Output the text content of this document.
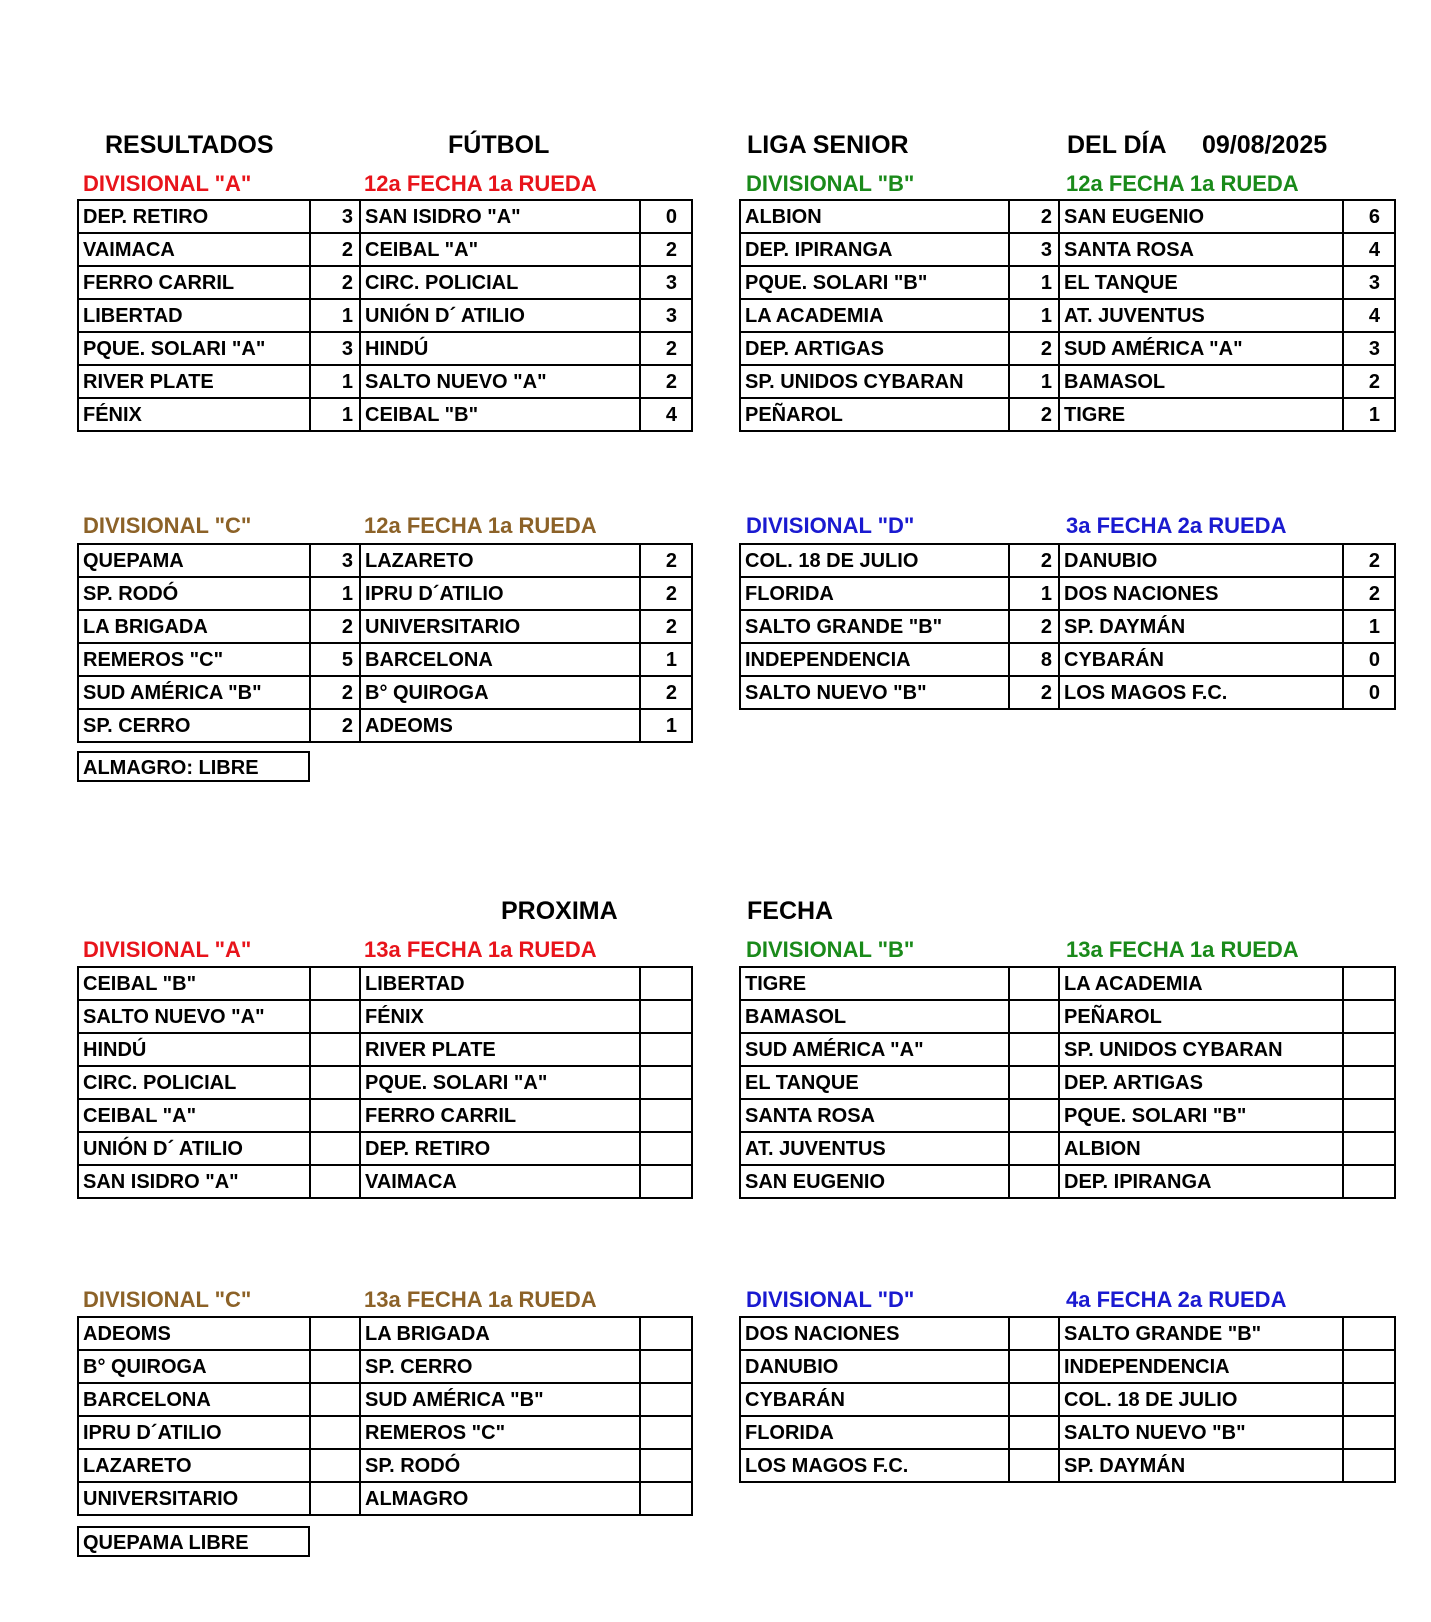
RESULTADOS	FÚTBOL	LIGA SENIOR	DEL DÍA 09/08/2025
DIVISIONAL "A"	12a FECHA 1a RUEDA	DIVISIONAL "B"	12a FECHA 1a RUEDA
DEP. RETIRO	3	SAN ISIDRO "A"	0
VAIMACA	2	CEIBAL "A"	2
FERRO CARRIL	2	CIRC. POLICIAL	3
LIBERTAD	1	UNIÓN D´ ATILIO	3
PQUE. SOLARI "A"	3	HINDÚ	2
RIVER PLATE	1	SALTO NUEVO "A"	2
FÉNIX	1	CEIBAL "B"	4
ALBION	2	SAN EUGENIO	6
DEP. IPIRANGA	3	SANTA ROSA	4
PQUE. SOLARI "B"	1	EL TANQUE	3
LA ACADEMIA	1	AT. JUVENTUS	4
DEP. ARTIGAS	2	SUD AMÉRICA "A"	3
SP. UNIDOS CYBARAN	1	BAMASOL	2
PEÑAROL	2	TIGRE	1
DIVISIONAL "C"	12a FECHA 1a RUEDA	DIVISIONAL "D"	3a FECHA 2a RUEDA
QUEPAMA	3	LAZARETO	2
SP. RODÓ	1	IPRU D´ATILIO	2
LA BRIGADA	2	UNIVERSITARIO	2
REMEROS "C"	5	BARCELONA	1
SUD AMÉRICA "B"	2	B° QUIROGA	2
SP. CERRO	2	ADEOMS	1
ALMAGRO: LIBRE
COL. 18 DE JULIO	2	DANUBIO	2
FLORIDA	1	DOS NACIONES	2
SALTO GRANDE "B"	2	SP. DAYMÁN	1
INDEPENDENCIA	8	CYBARÁN	0
SALTO NUEVO "B"	2	LOS MAGOS F.C.	0
PROXIMA	FECHA
DIVISIONAL "A"	13a FECHA 1a RUEDA	DIVISIONAL "B"	13a FECHA 1a RUEDA
CEIBAL "B"		LIBERTAD	
SALTO NUEVO "A"		FÉNIX	
HINDÚ		RIVER PLATE	
CIRC. POLICIAL		PQUE. SOLARI "A"	
CEIBAL "A"		FERRO CARRIL	
UNIÓN D´ ATILIO		DEP. RETIRO	
SAN ISIDRO "A"		VAIMACA	
TIGRE		LA ACADEMIA	
BAMASOL		PEÑAROL	
SUD AMÉRICA "A"		SP. UNIDOS CYBARAN	
EL TANQUE		DEP. ARTIGAS	
SANTA ROSA		PQUE. SOLARI "B"	
AT. JUVENTUS		ALBION	
SAN EUGENIO		DEP. IPIRANGA	
DIVISIONAL "C"	13a FECHA 1a RUEDA	DIVISIONAL "D"	4a FECHA 2a RUEDA
ADEOMS		LA BRIGADA	
B° QUIROGA		SP. CERRO	
BARCELONA		SUD AMÉRICA "B"	
IPRU D´ATILIO		REMEROS "C"	
LAZARETO		SP. RODÓ	
UNIVERSITARIO		ALMAGRO	
QUEPAMA LIBRE
DOS NACIONES		SALTO GRANDE "B"	
DANUBIO		INDEPENDENCIA	
CYBARÁN		COL. 18 DE JULIO	
FLORIDA		SALTO NUEVO "B"	
LOS MAGOS F.C.		SP. DAYMÁN	
